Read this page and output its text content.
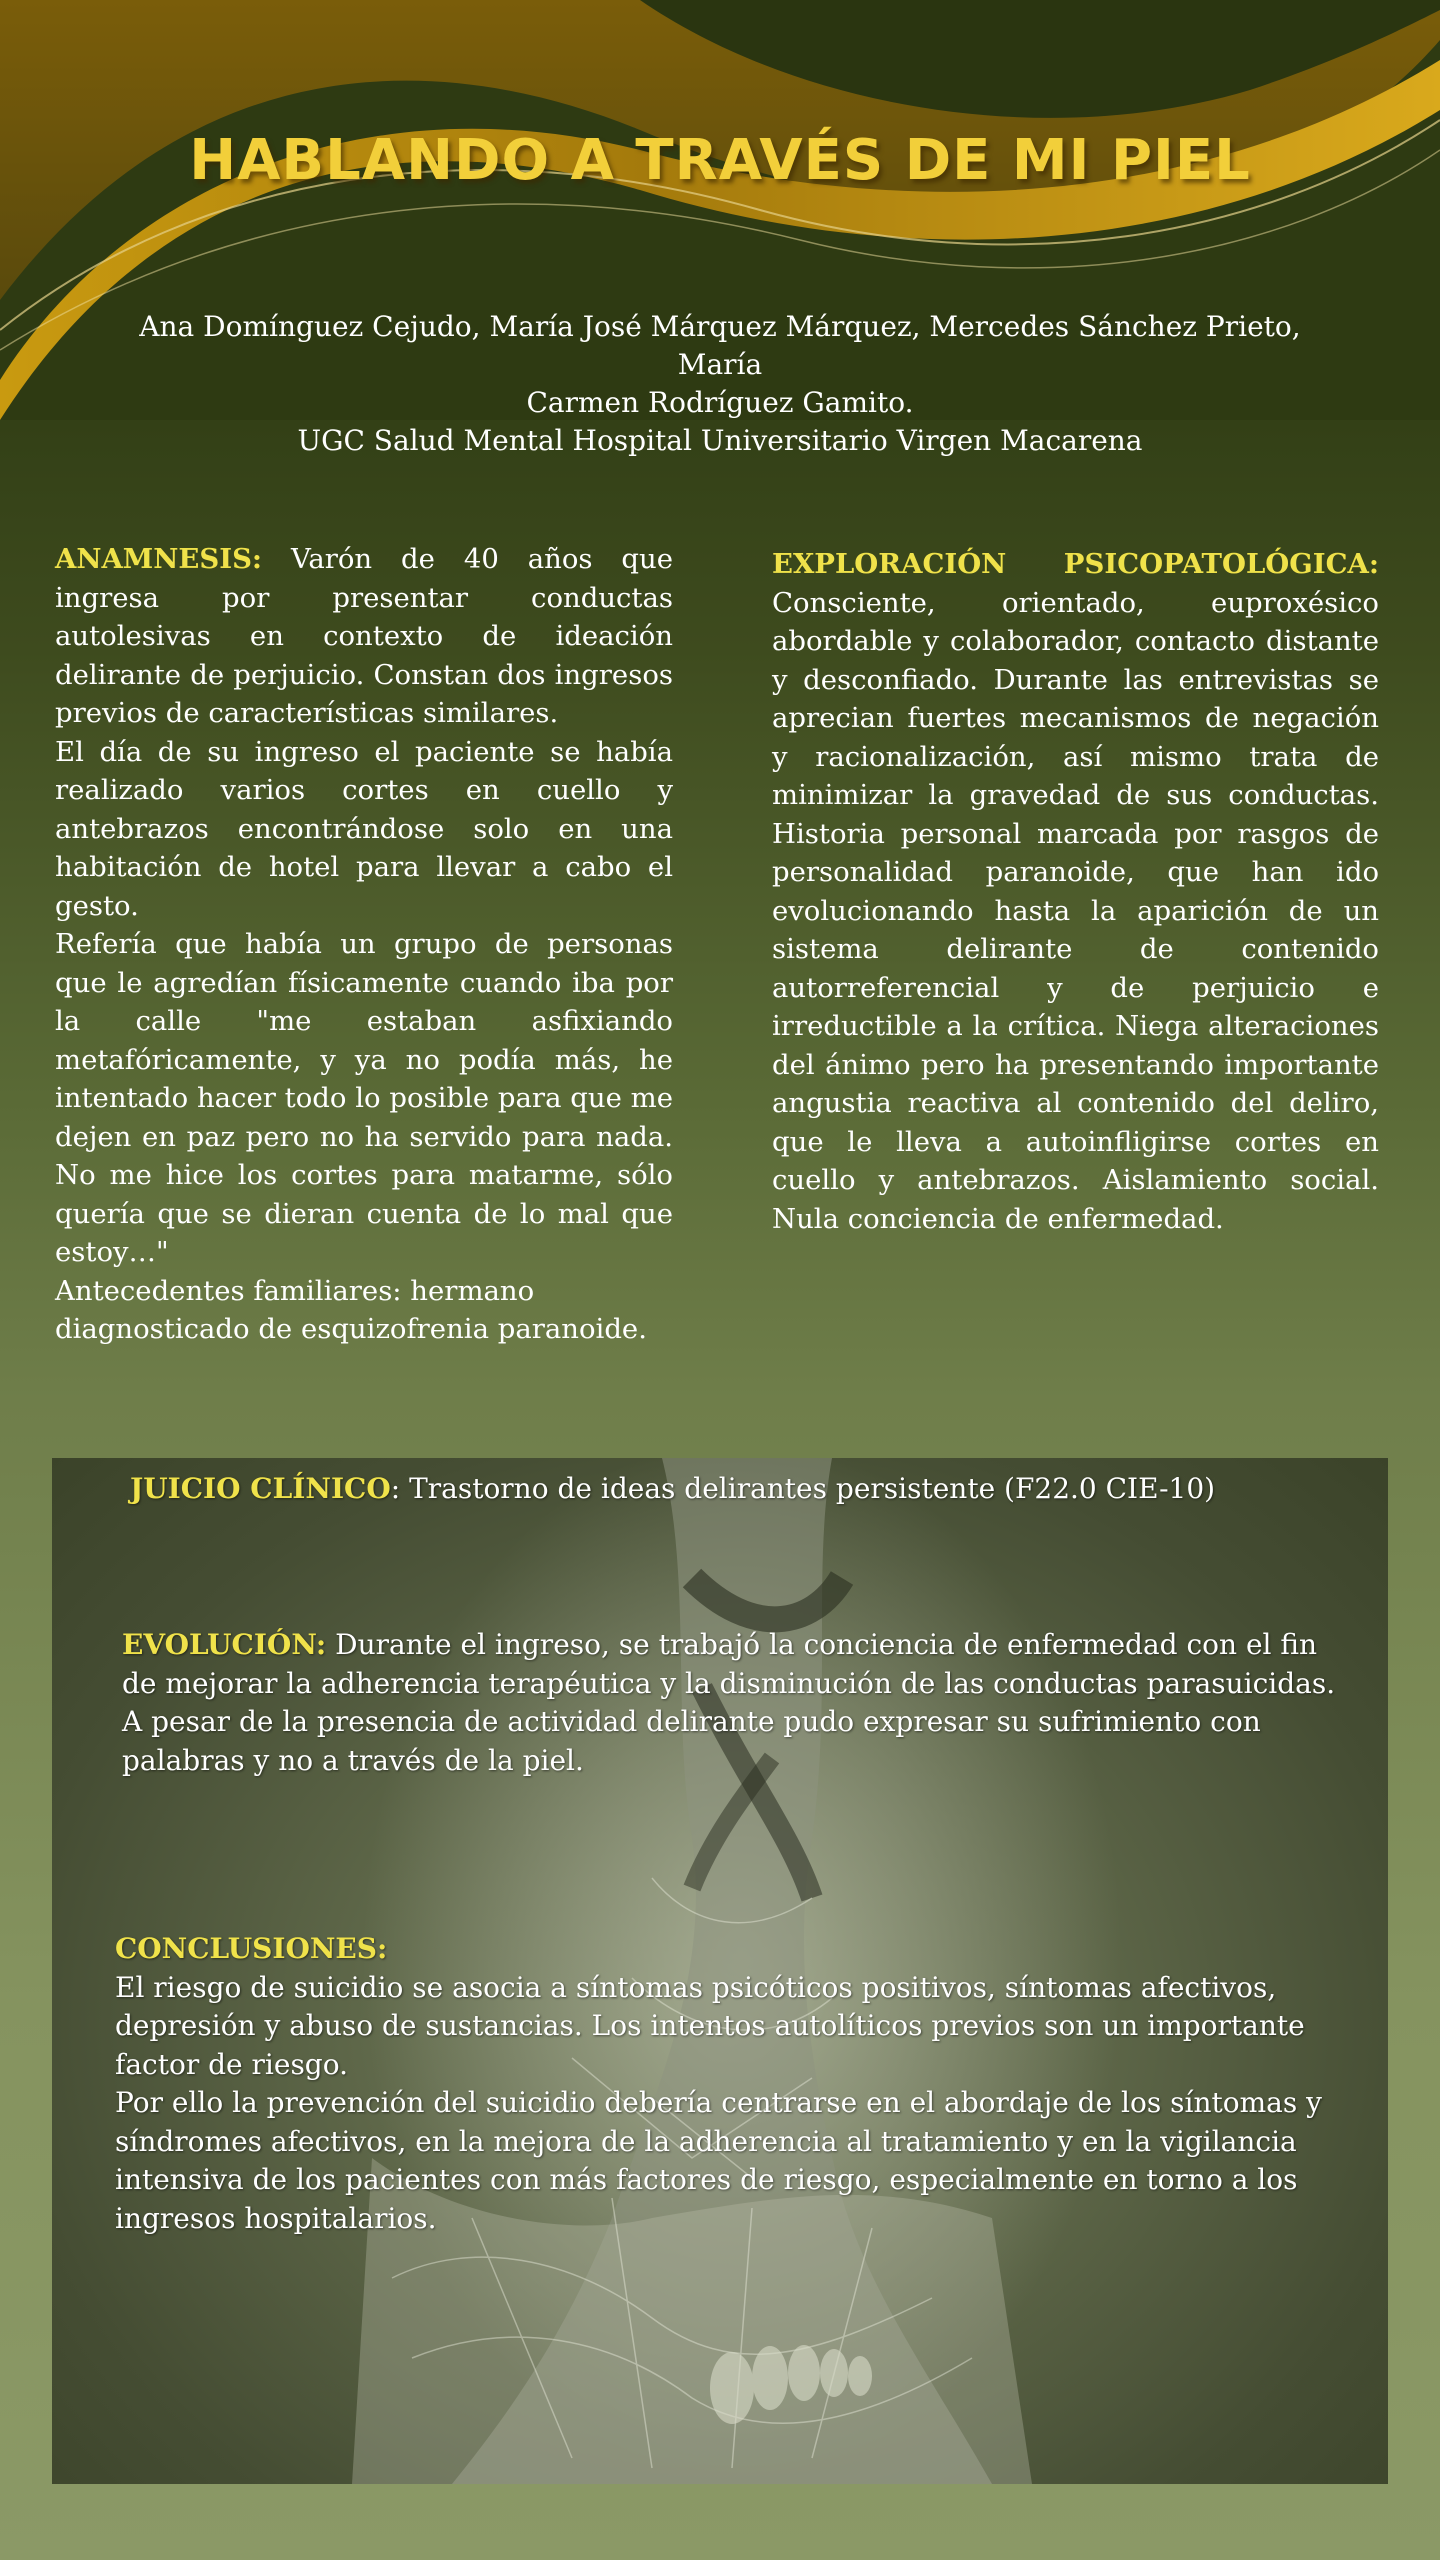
HABLANDO A TRAVÉS DE MI PIEL
Ana Domínguez Cejudo, María José Márquez Márquez, Mercedes Sánchez Prieto, María
Carmen Rodríguez Gamito.
UGC Salud Mental Hospital Universitario Virgen Macarena

ANAMNESIS: Varón de 40 años que ingresa por presentar conductas autolesivas en contexto de ideación delirante de perjuicio. Constan dos ingresos previos de características similares.

El día de su ingreso el paciente se había realizado varios cortes en cuello y antebrazos encontrándose solo en una habitación de hotel para llevar a cabo el gesto.

Refería que había un grupo de personas que le agredían físicamente cuando iba por la calle "me estaban asfixiando metafóricamente, y ya no podía más, he intentado hacer todo lo posible para que me dejen en paz pero no ha servido para nada. No me hice los cortes para matarme, sólo quería que se dieran cuenta de lo mal que estoy…"

Antecedentes familiares: hermano diagnosticado de esquizofrenia paranoide.

EXPLORACIÓN PSICOPATOLÓGICA:

Consciente, orientado, euproxésico abordable y colaborador, contacto distante y desconfiado. Durante las entrevistas se aprecian fuertes mecanismos de negación y racionalización, así mismo trata de minimizar la gravedad de sus conductas. Historia personal marcada por rasgos de personalidad paranoide, que han ido evolucionando hasta la aparición de un sistema delirante de contenido autorreferencial y de perjuicio e irreductible a la crítica. Niega alteraciones del ánimo pero ha presentando importante angustia reactiva al contenido del deliro, que le lleva a autoinfligirse cortes en cuello y antebrazos. Aislamiento social. Nula conciencia de enfermedad.

JUICIO CLÍNICO: Trastorno de ideas delirantes persistente (F22.0 CIE-10)

EVOLUCIÓN: Durante el ingreso, se trabajó la conciencia de enfermedad con el fin de mejorar la adherencia terapéutica y la disminución de las conductas parasuicidas. A pesar de la presencia de actividad delirante pudo expresar su sufrimiento con palabras y no a través de la piel.

CONCLUSIONES:

El riesgo de suicidio se asocia a síntomas psicóticos positivos, síntomas afectivos, depresión y abuso de sustancias. Los intentos autolíticos previos son un importante factor de riesgo.

Por ello la prevención del suicidio debería centrarse en el abordaje de los síntomas y síndromes afectivos, en la mejora de la adherencia al tratamiento y en la vigilancia intensiva de los pacientes con más factores de riesgo, especialmente en torno a los ingresos hospitalarios.
